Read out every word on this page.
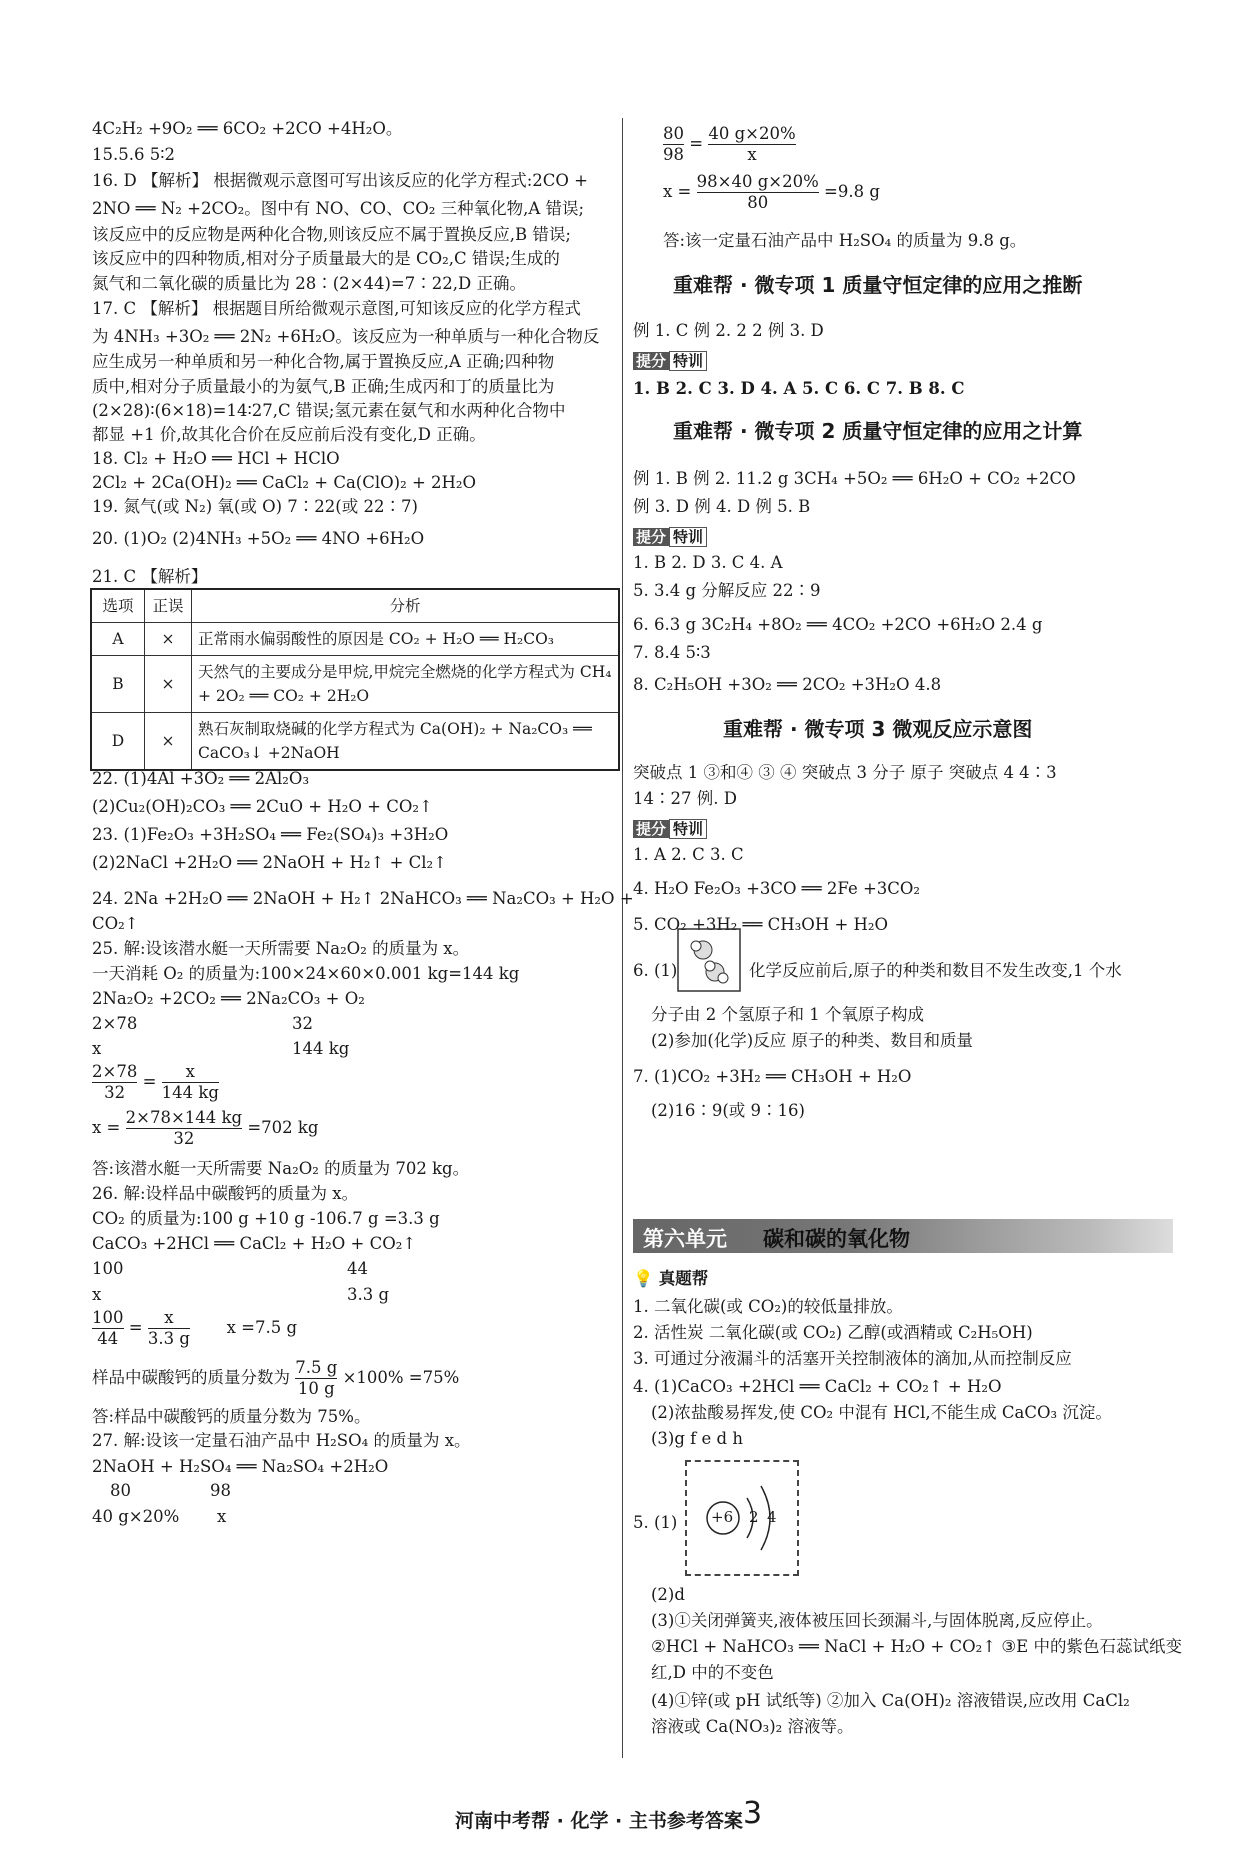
4C₂H₂ +9O₂ ══ 6CO₂ +2CO +4H₂O。
15.5.6 5∶2
16. D 【解析】 根据微观示意图可写出该反应的化学方程式:2CO +
2NO ══ N₂ +2CO₂。图中有 NO、CO、CO₂ 三种氧化物,A 错误;
该反应中的反应物是两种化合物,则该反应不属于置换反应,B 错误;
该反应中的四种物质,相对分子质量最大的是 CO₂,C 错误;生成的
氮气和二氧化碳的质量比为 28∶(2×44)=7∶22,D 正确。
17. C 【解析】 根据题目所给微观示意图,可知该反应的化学方程式
为 4NH₃ +3O₂ ══ 2N₂ +6H₂O。该反应为一种单质与一种化合物反
应生成另一种单质和另一种化合物,属于置换反应,A 正确;四种物
质中,相对分子质量最小的为氨气,B 正确;生成丙和丁的质量比为
(2×28)∶(6×18)=14∶27,C 错误;氢元素在氨气和水两种化合物中
都显 +1 价,故其化合价在反应前后没有变化,D 正确。
18. Cl₂ + H₂O ══ HCl + HClO
2Cl₂ + 2Ca(OH)₂ ══ CaCl₂ + Ca(ClO)₂ + 2H₂O
19. 氮气(或 N₂) 氧(或 O) 7∶22(或 22∶7)
20. (1)O₂ (2)4NH₃ +5O₂ ══ 4NO +6H₂O
21. C 【解析】
选项	正误	分析
A	×	正常雨水偏弱酸性的原因是 CO₂ + H₂O ══ H₂CO₃
B	×	天然气的主要成分是甲烷,甲烷完全燃烧的化学方程式为 CH₄ + 2O₂ ══ CO₂ + 2H₂O
D	×	熟石灰制取烧碱的化学方程式为 Ca(OH)₂ + Na₂CO₃ ══ CaCO₃↓ +2NaOH
22. (1)4Al +3O₂ ══ 2Al₂O₃
(2)Cu₂(OH)₂CO₃ ══ 2CuO + H₂O + CO₂↑
23. (1)Fe₂O₃ +3H₂SO₄ ══ Fe₂(SO₄)₃ +3H₂O
(2)2NaCl +2H₂O ══ 2NaOH + H₂↑ + Cl₂↑
24. 2Na +2H₂O ══ 2NaOH + H₂↑ 2NaHCO₃ ══ Na₂CO₃ + H₂O +
CO₂↑
25. 解:设该潜水艇一天所需要 Na₂O₂ 的质量为 x。
一天消耗 O₂ 的质量为:100×24×60×0.001 kg=144 kg
2Na₂O₂ +2CO₂ ══ 2Na₂CO₃ + O₂
2×78	32
x	144 kg
$\frac{2\times 78}{32} = \frac{x}{144 kg}$
$x = \frac{2\times 78\times 144 kg}{32} =702$ kg
答:该潜水艇一天所需要 Na₂O₂ 的质量为 702 kg。
26. 解:设样品中碳酸钙的质量为 x。
CO₂ 的质量为:100 g +10 g -106.7 g =3.3 g
CaCO₃ +2HCl ══ CaCl₂ + H₂O + CO₂↑
100	44
x	3.3 g
$\frac{100}{44} = \frac{x}{3.3 g}$ x =7.5 g
样品中碳酸钙的质量分数为 $\frac{7.5 g}{10 g} \times 100\% =75\%$
答:样品中碳酸钙的质量分数为 75%。
27. 解:设该一定量石油产品中 H₂SO₄ 的质量为 x。
2NaOH + H₂SO₄ ══ Na₂SO₄ +2H₂O
80	98
40 g×20% x
$\frac{80}{98} = \frac{40 g\times 20\%}{x}$
$x = \frac{98\times 40 g\times 20\%}{80} =9.8$ g
答:该一定量石油产品中 H₂SO₄ 的质量为 9.8 g。
重难帮 · 微专项 1 质量守恒定律的应用之推断
例 1. C 例 2. 2 2 例 3. D
提分 特训
1. B 2. C 3. D 4. A 5. C 6. C 7. B 8. C
重难帮 · 微专项 2 质量守恒定律的应用之计算
例 1. B 例 2. 11.2 g 3CH₄ +5O₂ ══ 6H₂O + CO₂ +2CO
例 3. D 例 4. D 例 5. B
提分 特训
1. B 2. D 3. C 4. A
5. 3.4 g 分解反应 22∶9
6. 6.3 g 3C₂H₄ +8O₂ ══ 4CO₂ +2CO +6H₂O 2.4 g
7. 8.4 5∶3
8. C₂H₅OH +3O₂ ══ 2CO₂ +3H₂O 4.8
重难帮 · 微专项 3 微观反应示意图
突破点 1 ③和④ ③ ④ 突破点 3 分子 原子 突破点 4 4∶3
14∶27 例. D
提分 特训
1. A 2. C 3. C
4. H₂O Fe₂O₃ +3CO ══ 2Fe +3CO₂
5. CO₂ +3H₂ ══ CH₃OH + H₂O
6. (1)	化学反应前后,原子的种类和数目不发生改变,1 个水
分子由 2 个氢原子和 1 个氧原子构成
(2)参加(化学)反应 原子的种类、数目和质量
7. (1)CO₂ +3H₂ ══ CH₃OH + H₂O
(2)16∶9(或 9∶16)
第六单元 碳和碳的氧化物
💡 真题帮
1. 二氧化碳(或 CO₂)的较低量排放。
2. 活性炭 二氧化碳(或 CO₂) 乙醇(或酒精或 C₂H₅OH)
3. 可通过分液漏斗的活塞开关控制液体的滴加,从而控制反应
4. (1)CaCO₃ +2HCl ══ CaCl₂ + CO₂↑ + H₂O
(2)浓盐酸易挥发,使 CO₂ 中混有 HCl,不能生成 CaCO₃ 沉淀。
(3)g f e d h
5. (1) +6 2 4
(2)d
(3)①关闭弹簧夹,液体被压回长颈漏斗,与固体脱离,反应停止。
②HCl + NaHCO₃ ══ NaCl + H₂O + CO₂↑ ③E 中的紫色石蕊试纸变
红,D 中的不变色
(4)①锌(或 pH 试纸等) ②加入 Ca(OH)₂ 溶液错误,应改用 CaCl₂
溶液或 Ca(NO₃)₂ 溶液等。
河南中考帮 · 化学 · 主书参考答案 3
